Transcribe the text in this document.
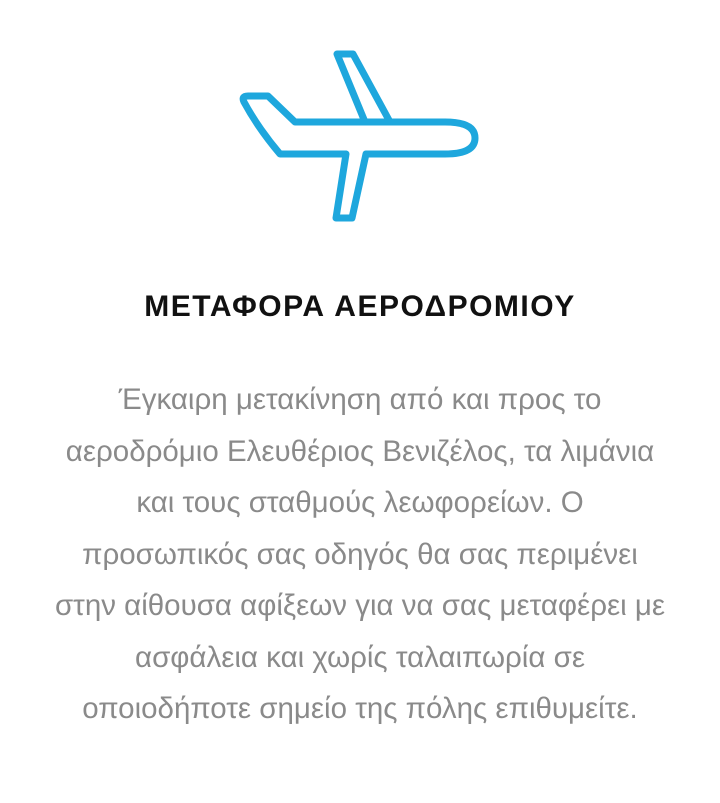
ΜΕΤΑΦΟΡΑ ΑΕΡΟΔΡΟΜΙΟΥ

Έγκαιρη μετακίνηση από και προς το αεροδρόμιο Ελευθέριος Βενιζέλος, τα λιμάνια και τους σταθμούς λεωφορείων. Ο προσωπικός σας οδηγός θα σας περιμένει στην αίθουσα αφίξεων για να σας μεταφέρει με ασφάλεια και χωρίς ταλαιπωρία σε οποιοδήποτε σημείο της πόλης επιθυμείτε.
